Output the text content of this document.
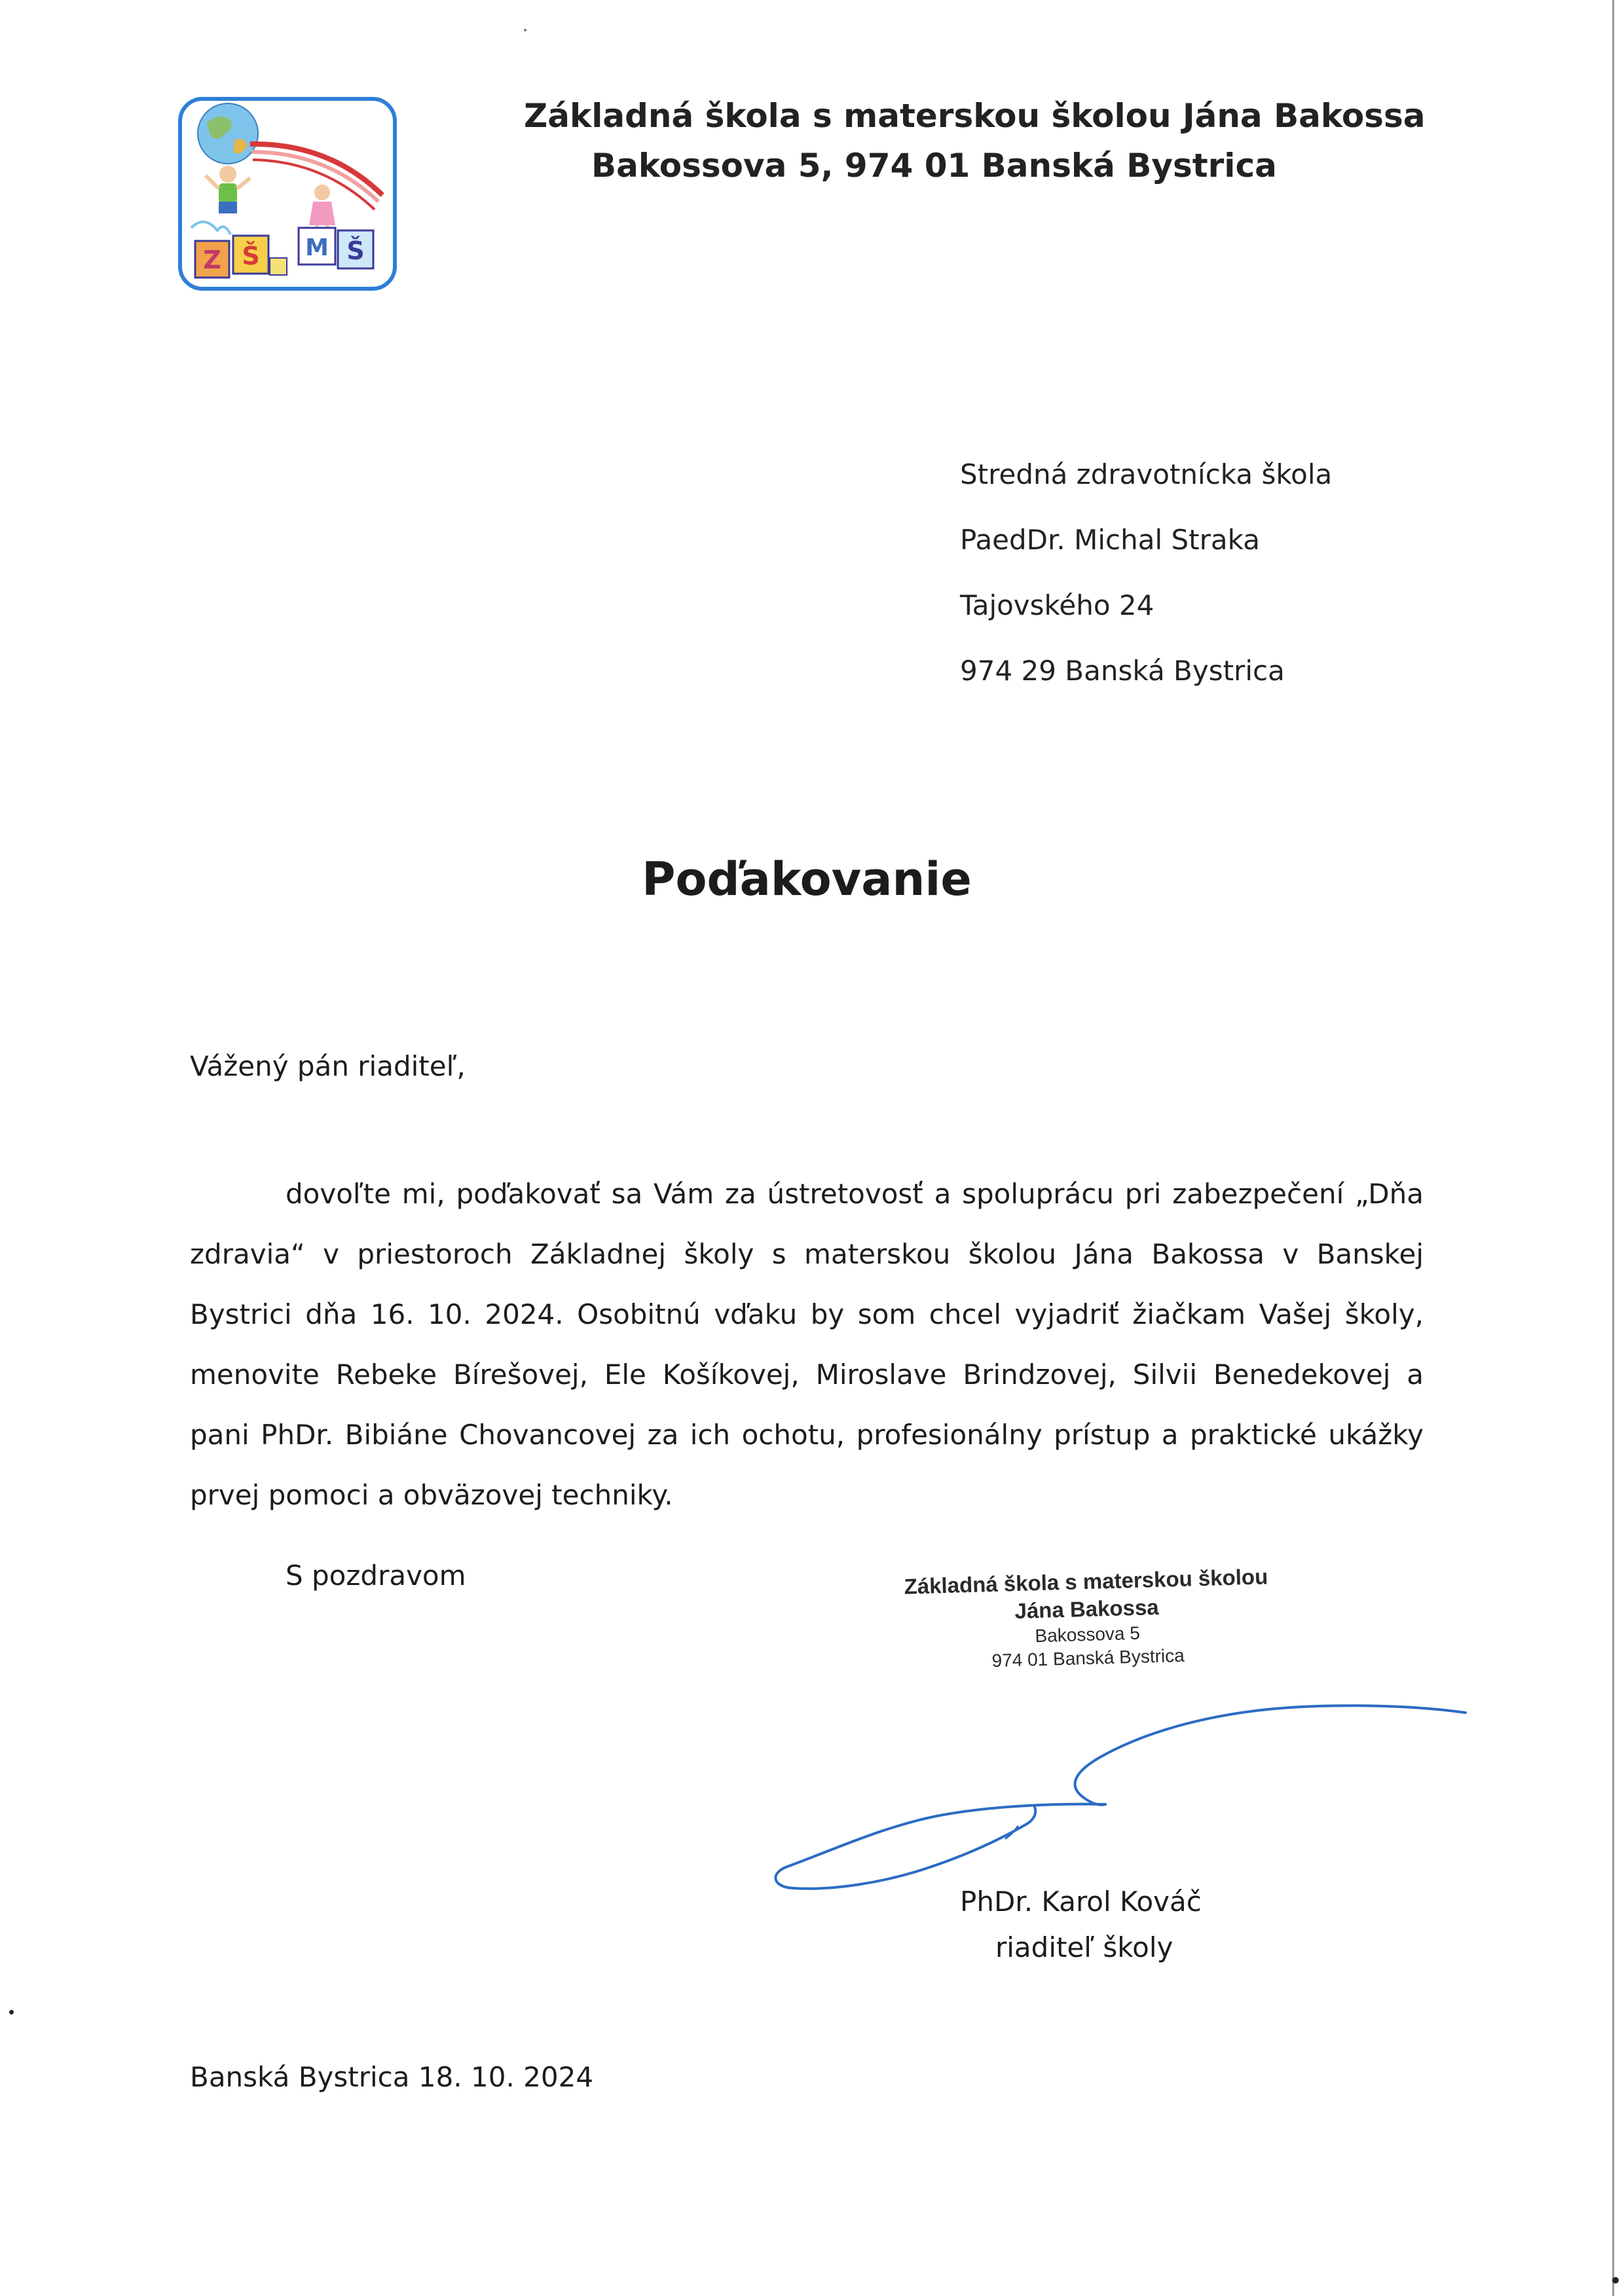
Z Š M Š
Základná škola s materskou školou Jána Bakossa
Bakossova 5, 974 01 Banská Bystrica
Stredná zdravotnícka škola
PaedDr. Michal Straka
Tajovského 24
974 29 Banská Bystrica
Poďakovanie
Vážený pán riaditeľ,

dovoľte mi, poďakovať sa Vám za ústretovosť a spoluprácu pri zabezpečení „Dňa zdravia“ v priestoroch Základnej školy s materskou školou Jána Bakossa v Banskej Bystrici dňa 16. 10. 2024. Osobitnú vďaku by som chcel vyjadriť žiačkam Vašej školy, menovite Rebeke Bírešovej, Ele Košíkovej, Miroslave Brindzovej, Silvii Benedekovej a pani PhDr. Bibiáne Chovancovej za ich ochotu, profesionálny prístup a praktické ukážky prvej pomoci a obväzovej techniky.

S pozdravom	Základná škola s materskou školou
Jána Bakossa
Bakossova 5
974 01 Banská Bystrica
PhDr. Karol Kováč
riaditeľ školy
Banská Bystrica 18. 10. 2024
